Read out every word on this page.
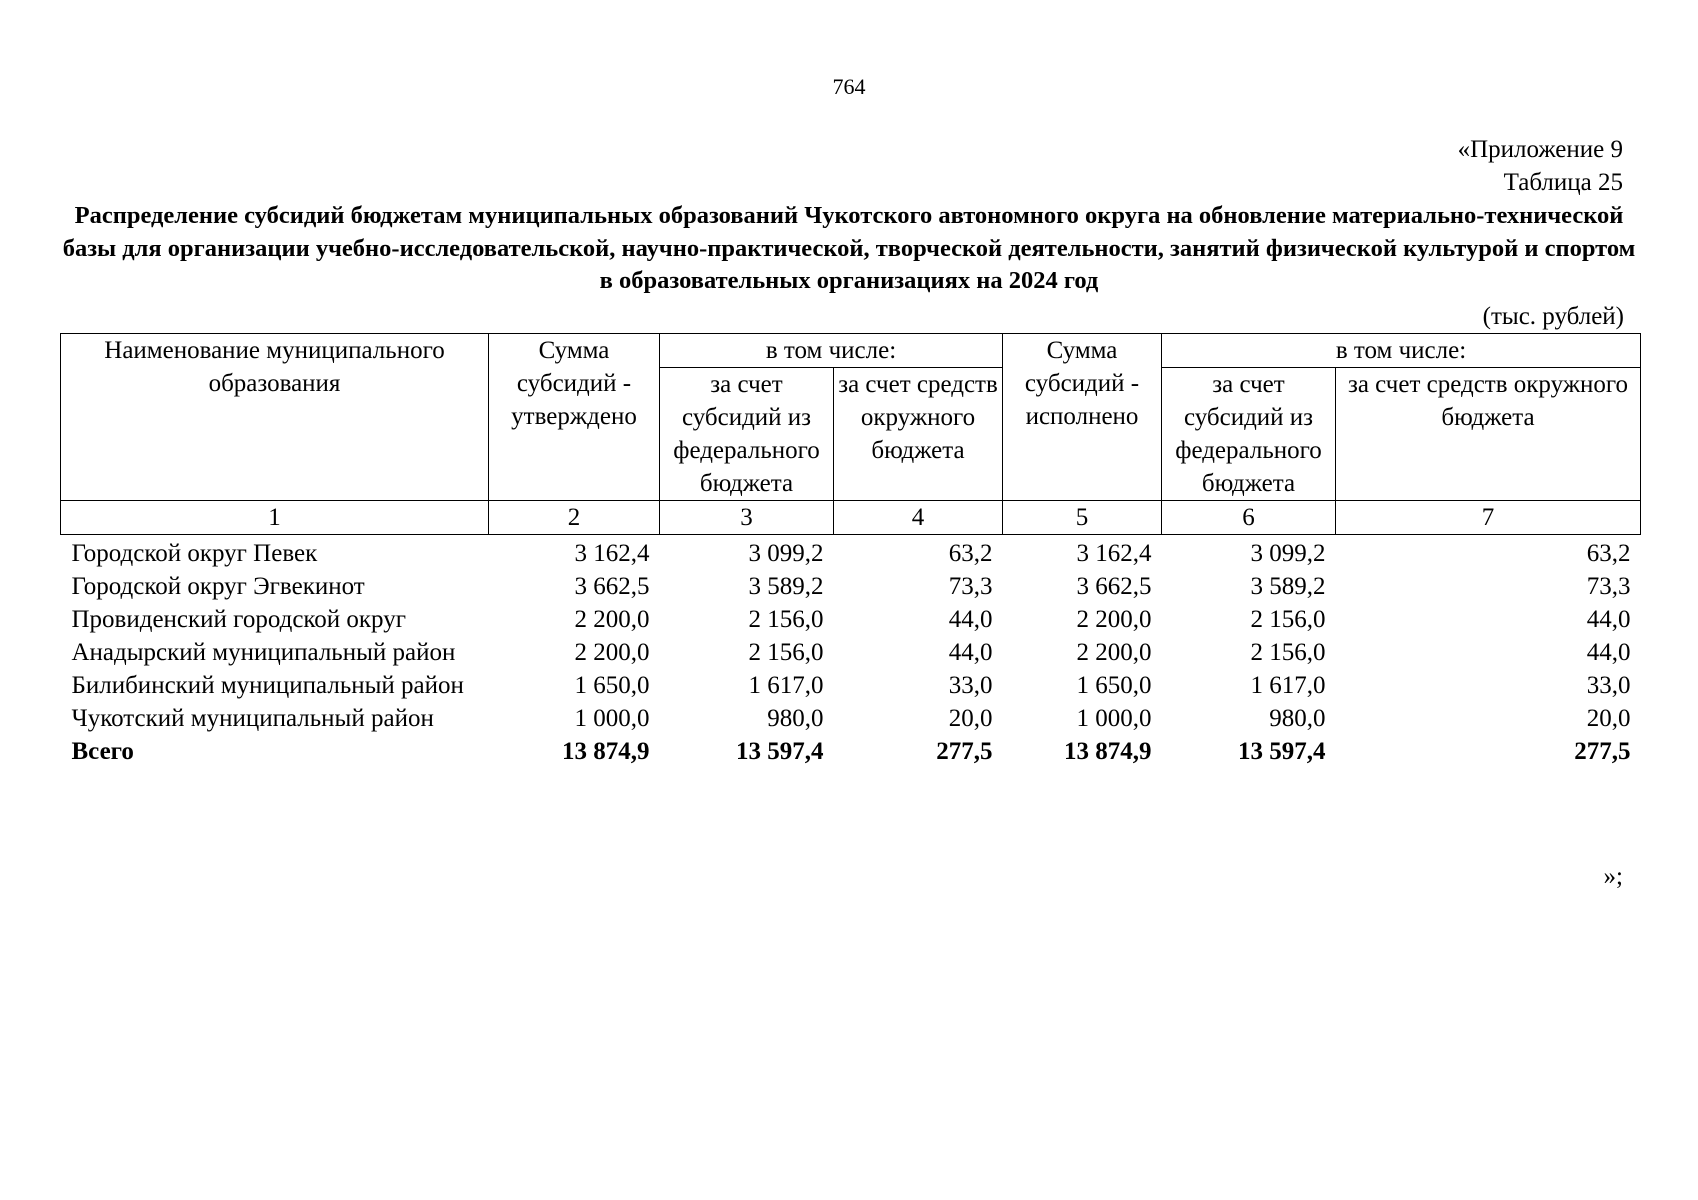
764
«Приложение 9
Таблица 25
Распределение субсидий бюджетам муниципальных образований Чукотского автономного округа на обновление материально-технической базы для организации учебно-исследовательской, научно-практической, творческой деятельности, занятий физической культурой и спортом в образовательных организациях на 2024 год
(тыс. рублей)
Наименование муниципального образования	Сумма субсидий - утверждено	в том числе:		Сумма субсидий - исполнено	в том числе:	
		за счет субсидий из федерального бюджета	за счет средств окружного бюджета		за счет субсидий из федерального бюджета	за счет средств окружного бюджета
1	2	3	4	5	6	7
Городской округ Певек	3 162,4	3 099,2	63,2	3 162,4	3 099,2	63,2
Городской округ Эгвекинот	3 662,5	3 589,2	73,3	3 662,5	3 589,2	73,3
Провиденский городской округ	2 200,0	2 156,0	44,0	2 200,0	2 156,0	44,0
Анадырский муниципальный район	2 200,0	2 156,0	44,0	2 200,0	2 156,0	44,0
Билибинский муниципальный район	1 650,0	1 617,0	33,0	1 650,0	1 617,0	33,0
Чукотский муниципальный район	1 000,0	980,0	20,0	1 000,0	980,0	20,0
Всего	13 874,9	13 597,4	277,5	13 874,9	13 597,4	277,5
»;
